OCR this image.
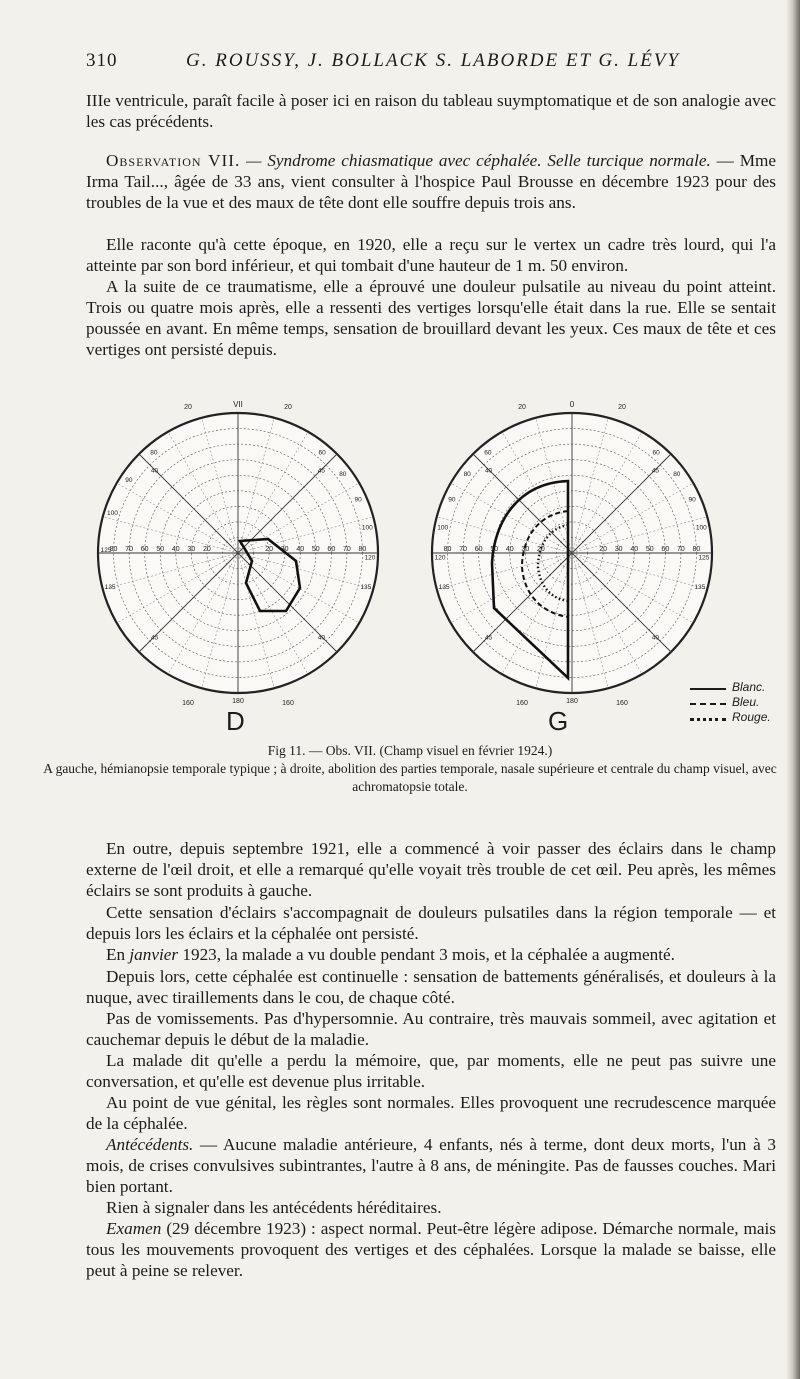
310	G. ROUSSY, J. BOLLACK S. LABORDE ET G. LÉVY

IIIe ventricule, paraît facile à poser ici en raison du tableau suymptomatique et de son analogie avec les cas précédents.

Observation VII. — Syndrome chiasmatique avec céphalée. Selle turcique normale. — Mme Irma Tail..., âgée de 33 ans, vient consulter à l'hospice Paul Brousse en décembre 1923 pour des troubles de la vue et des maux de tête dont elle souffre depuis trois ans.

Elle raconte qu'à cette époque, en 1920, elle a reçu sur le vertex un cadre très lourd, qui l'a atteinte par son bord inférieur, et qui tombait d'une hauteur de 1 m. 50 environ.

A la suite de ce traumatisme, elle a éprouvé une douleur pulsatile au niveau du point atteint. Trois ou quatre mois après, elle a ressenti des vertiges lorsqu'elle était dans la rue. Elle se sentait poussée en avant. En même temps, sensation de brouillard devant les yeux. Ces maux de tête et ces vertiges ont persisté depuis.

80 70 60 50 40 30 20	20 30 40 50 60 70 80
20	VII	20
160	180	160
80
90
100
125
135
60
80
90
100
120
135
40	45
45	40
80 70 60 50 40 30 20	20 30 40 50 60 70 80
20	0	20
160	180	160
60
80
90
100
120
135
60
80
90
100
125
135
40	45
45	40
D	G
Blanc.
Bleu.
Rouge.
Fig 11. — Obs. VII. (Champ visuel en février 1924.)
A gauche, hémianopsie temporale typique ; à droite, abolition des parties temporale, nasale supérieure et centrale du champ visuel, avec achromatopsie totale.

En outre, depuis septembre 1921, elle a commencé à voir passer des éclairs dans le champ externe de l'œil droit, et elle a remarqué qu'elle voyait très trouble de cet œil. Peu après, les mêmes éclairs se sont produits à gauche.

Cette sensation d'éclairs s'accompagnait de douleurs pulsatiles dans la région temporale — et depuis lors les éclairs et la céphalée ont persisté.

En janvier 1923, la malade a vu double pendant 3 mois, et la céphalée a augmenté.

Depuis lors, cette céphalée est continuelle : sensation de battements généralisés, et douleurs à la nuque, avec tiraillements dans le cou, de chaque côté.

Pas de vomissements. Pas d'hypersomnie. Au contraire, très mauvais sommeil, avec agitation et cauchemar depuis le début de la maladie.

La malade dit qu'elle a perdu la mémoire, que, par moments, elle ne peut pas suivre une conversation, et qu'elle est devenue plus irritable.

Au point de vue génital, les règles sont normales. Elles provoquent une recrudescence marquée de la céphalée.

Antécédents. — Aucune maladie antérieure, 4 enfants, nés à terme, dont deux morts, l'un à 3 mois, de crises convulsives subintrantes, l'autre à 8 ans, de méningite. Pas de fausses couches. Mari bien portant.

Rien à signaler dans les antécédents héréditaires.

Examen (29 décembre 1923) : aspect normal. Peut-être légère adipose. Démarche normale, mais tous les mouvements provoquent des vertiges et des céphalées. Lorsque la malade se baisse, elle peut à peine se relever.
